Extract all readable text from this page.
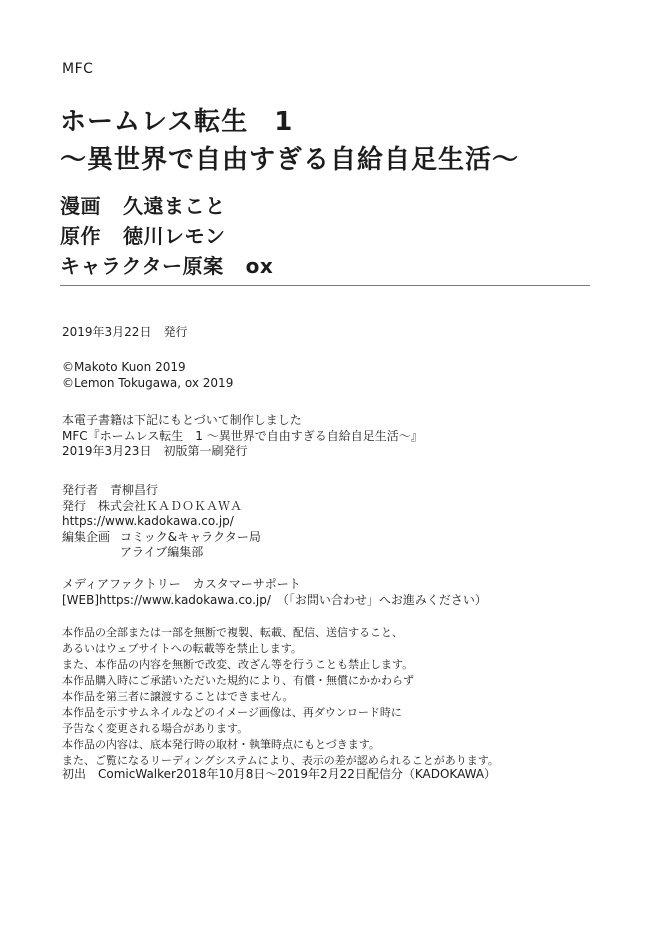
MFC
ホームレス転生 1
〜異世界で自由すぎる自給自足生活〜
漫画 久遠まこと
原作 徳川レモン
キャラクター原案 ox
2019年3月22日　発行
©Makoto Kuon 2019
©Lemon Tokugawa, ox 2019
本電子書籍は下記にもとづいて制作しました
MFC『ホームレス転生　1 〜異世界で自由すぎる自給自足生活〜』
2019年3月23日　初版第一刷発行
発行者　青柳昌行
発行　株式会社ＫＡＤＯＫＡＷＡ
https://www.kadokawa.co.jp/
編集企画 コミック&キャラクター局
アライブ編集部
メディアファクトリー　カスタマーサポート
[WEB]https://www.kadokawa.co.jp/　（「お問い合わせ」へお進みください）
本作品の全部または一部を無断で複製、転載、配信、送信すること、
あるいはウェブサイトへの転載等を禁止します。
また、本作品の内容を無断で改変、改ざん等を行うことも禁止します。
本作品購入時にご承諾いただいた規約により、有償・無償にかかわらず
本作品を第三者に譲渡することはできません。
本作品を示すサムネイルなどのイメージ画像は、再ダウンロード時に
予告なく変更される場合があります。
本作品の内容は、底本発行時の取材・執筆時点にもとづきます。
また、ご覧になるリーディングシステムにより、表示の差が認められることがあります。
初出　ComicWalker2018年10月8日〜2019年2月22日配信分（KADOKAWA）
